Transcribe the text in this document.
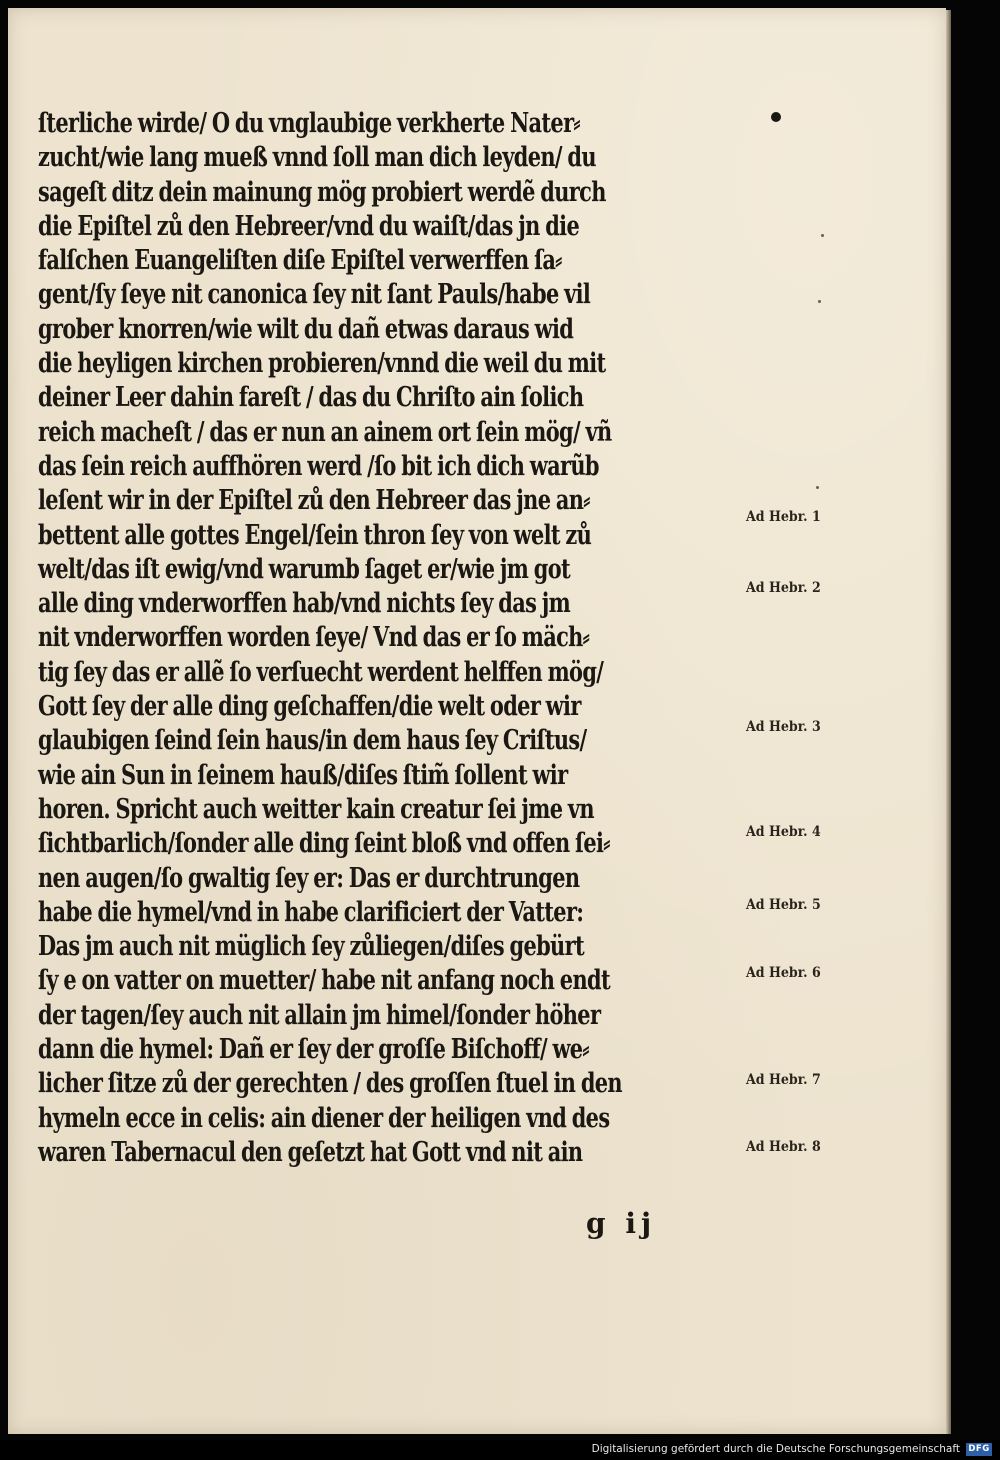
ſterliche wirde/ O du vnglaubige verkherte Nater⸗
zucht/wie lang mueß vnnd ſoll man dich leyden/ du
sageſt ditz dein mainung mög probiert werdẽ durch
die Epiſtel zů den Hebreer/vnd du waiſt/das jn die
falſchen Euangeliſten diſe Epiſtel verwerffen ſa⸗
gent/ſy ſeye nit canonica ſey nit ſant Pauls/habe vil
grober knorren/wie wilt du dañ etwas daraus wid
die heyligen kirchen probieren/vnnd die weil du mit
deiner Leer dahin fareſt / das du Chriſto ain ſolich
reich macheſt / das er nun an ainem ort ſein mög/ vñ
das ſein reich auffhören werd /ſo bit ich dich warũb
leſent wir in der Epiſtel zů den Hebreer das jne an⸗
bettent alle gottes Engel/ſein thron ſey von welt zů
welt/das iſt ewig/vnd warumb ſaget er/wie jm got
alle ding vnderworffen hab/vnd nichts ſey das jm
nit vnderworffen worden ſeye/ Vnd das er ſo mäch⸗
tig ſey das er allẽ ſo verſuecht werdent helffen mög/
Gott ſey der alle ding geſchaffen/die welt oder wir
glaubigen ſeind ſein haus/in dem haus ſey Criſtus/
wie ain Sun in ſeinem hauß/diſes ſtim̃ ſollent wir
horen. Spricht auch weitter kain creatur ſei jme vn
ſichtbarlich/ſonder alle ding ſeint bloß vnd offen ſei⸗
nen augen/ſo gwaltig ſey er: Das er durchtrungen
habe die hymel/vnd in habe clarificiert der Vatter:
Das jm auch nit müglich ſey zůliegen/diſes gebürt
ſy e on vatter on muetter/ habe nit anfang noch endt
der tagen/ſey auch nit allain jm himel/ſonder höher
dann die hymel: Dañ er ſey der groſſe Biſchoff/ we⸗
licher ſitze zů der gerechten / des groſſen ſtuel in den
hymeln ecce in celis: ain diener der heiligen vnd des
waren Tabernacul den geſetzt hat Gott vnd nit ain
Ad Hebr. 1
Ad Hebr. 2
Ad Hebr. 3
Ad Hebr. 4
Ad Hebr. 5
Ad Hebr. 6
Ad Hebr. 7
Ad Hebr. 8
g ij
Digitalisierung gefördert durch die Deutsche Forschungsgemeinschaft DFG
